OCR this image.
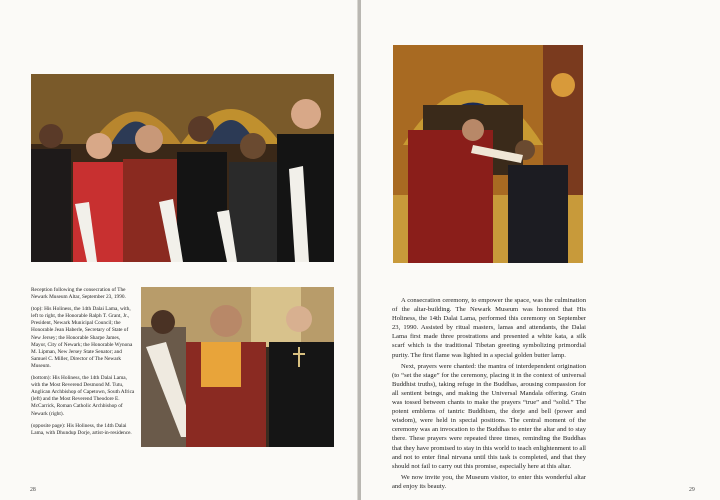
Reception following the consecration of The Newark Museum Altar, September 23, 1990.

(top): His Holiness, the 14th Dalai Lama, with, left to right, the Honorable Ralph T. Grant, Jr., President, Newark Municipal Council; the Honorable Jean Haberle, Secretary of State of New Jersey; the Honorable Sharpe James, Mayor, City of Newark; the Honorable Wynona M. Lipman, New Jersey State Senator; and Samuel C. Miller, Director of The Newark Museum.

(bottom): His Holiness, the 14th Dalai Lama, with the Most Reverend Desmond M. Tutu, Anglican Archbishop of Capetown, South Africa (left) and the Most Reverend Theodore E. McCarrick, Roman Catholic Archbishop of Newark (right).

(opposite page): His Holiness, the 14th Dalai Lama, with Dhundup Dorje, artist-in-residence.

28	29

A consecration ceremony, to empower the space, was the culmination of the altar-building. The Newark Museum was honored that His Holiness, the 14th Dalai Lama, performed this ceremony on September 23, 1990. Assisted by ritual masters, lamas and attendants, the Dalai Lama first made three prostrations and presented a white kata, a silk scarf which is the traditional Tibetan greeting symbolizing primordial purity. The first flame was lighted in a special golden butter lamp.

Next, prayers were chanted: the mantra of interdependent origination (to “set the stage” for the ceremony, placing it in the context of universal Buddhist truths), taking refuge in the Buddhas, arousing compassion for all sentient beings, and making the Universal Mandala offering. Grain was tossed between chants to make the prayers “true” and “solid.” The potent emblems of tantric Buddhism, the dorje and bell (power and wisdom), were held in special positions. The central moment of the ceremony was an invocation to the Buddhas to enter the altar and to stay there. These prayers were repeated three times, reminding the Buddhas that they have promised to stay in this world to teach enlightenment to all and not to enter final nirvana until this task is completed, and that they should not fail to carry out this promise, especially here at this altar.

We now invite you, the Museum visitor, to enter this wonderful altar and enjoy its beauty.
